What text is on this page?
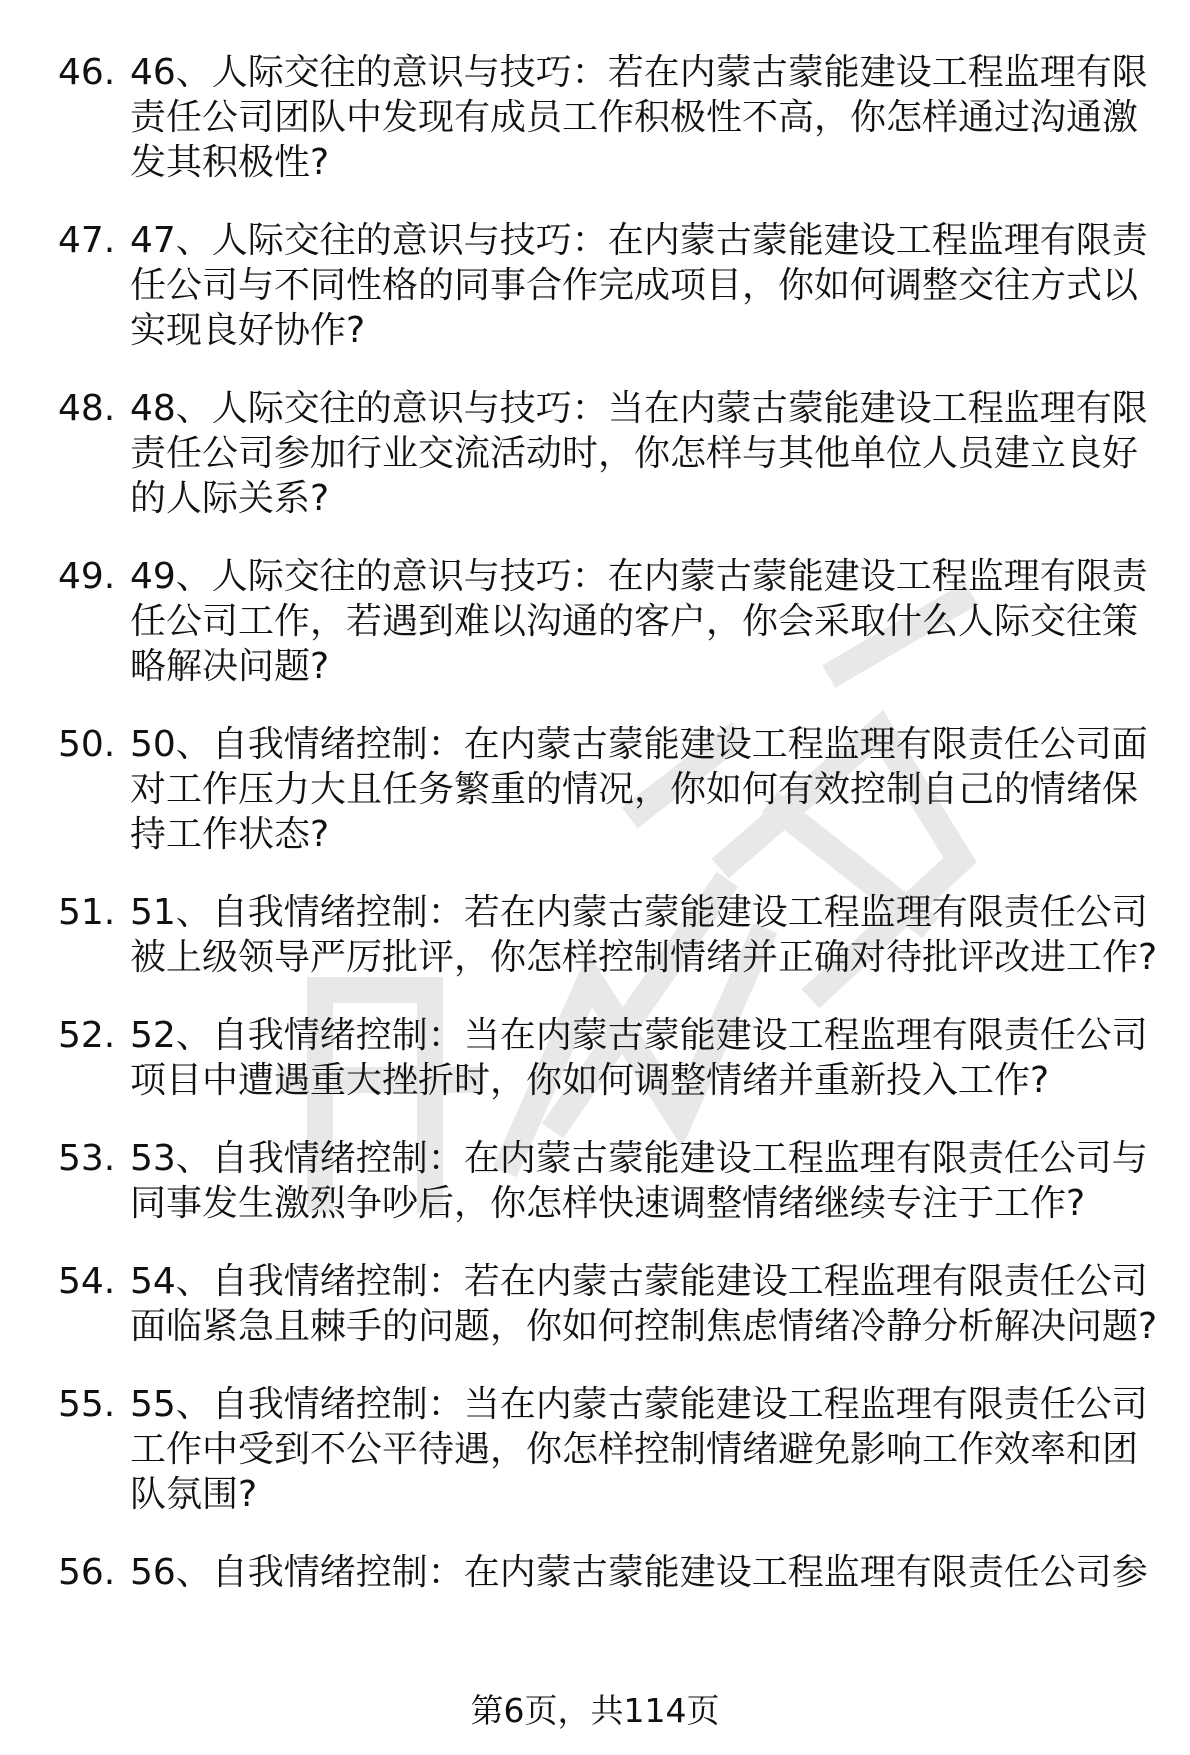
46. 46、人际交往的意识与技巧：若在内蒙古蒙能建设工程监理有限责任公司团队中发现有成员工作积极性不高，你怎样通过沟通激发其积极性?
47. 47、人际交往的意识与技巧：在内蒙古蒙能建设工程监理有限责任公司与不同性格的同事合作完成项目，你如何调整交往方式以实现良好协作?
48. 48、人际交往的意识与技巧：当在内蒙古蒙能建设工程监理有限责任公司参加行业交流活动时，你怎样与其他单位人员建立良好的人际关系?
49. 49、人际交往的意识与技巧：在内蒙古蒙能建设工程监理有限责任公司工作，若遇到难以沟通的客户，你会采取什么人际交往策略解决问题?
50. 50、自我情绪控制：在内蒙古蒙能建设工程监理有限责任公司面对工作压力大且任务繁重的情况，你如何有效控制自己的情绪保持工作状态?
51. 51、自我情绪控制：若在内蒙古蒙能建设工程监理有限责任公司被上级领导严厉批评，你怎样控制情绪并正确对待批评改进工作?
52. 52、自我情绪控制：当在内蒙古蒙能建设工程监理有限责任公司项目中遭遇重大挫折时，你如何调整情绪并重新投入工作?
53. 53、自我情绪控制：在内蒙古蒙能建设工程监理有限责任公司与同事发生激烈争吵后，你怎样快速调整情绪继续专注于工作?
54. 54、自我情绪控制：若在内蒙古蒙能建设工程监理有限责任公司面临紧急且棘手的问题，你如何控制焦虑情绪冷静分析解决问题?
55. 55、自我情绪控制：当在内蒙古蒙能建设工程监理有限责任公司工作中受到不公平待遇，你怎样控制情绪避免影响工作效率和团队氛围?
56. 56、自我情绪控制：在内蒙古蒙能建设工程监理有限责任公司参
第6页，共114页
